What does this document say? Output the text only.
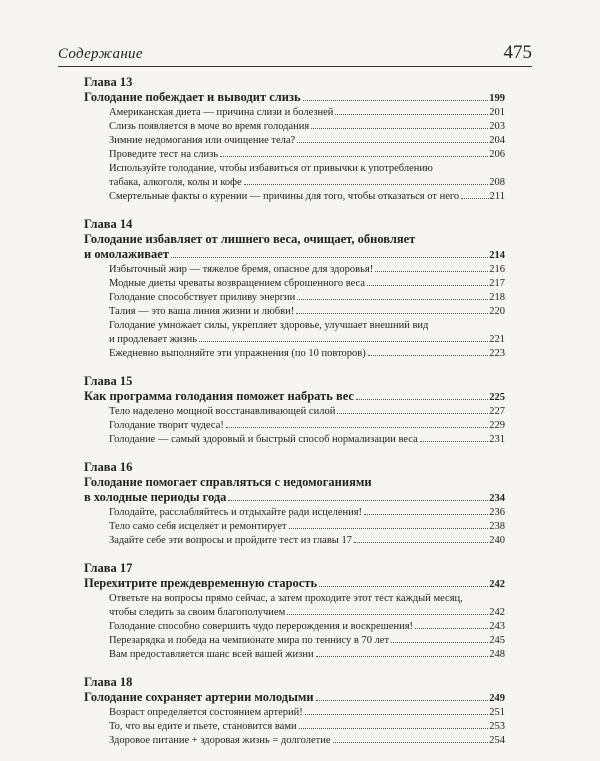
Содержание	475
Глава 13
Голодание побеждает и выводит слизь	199
Американская диета — причина слизи и болезней	201
Слизь появляется в моче во время голодания	203
Зимние недомогания или очищение тела?	204
Проведите тест на слизь	206
Используйте голодание, чтобы избавиться от привычки к употреблению
табака, алкоголя, колы и кофе	208
Смертельные факты о курении — причины для того, чтобы отказаться от него	211
Глава 14
Голодание избавляет от лишнего веса, очищает, обновляет
и омолаживает	214
Избыточный жир — тяжелое бремя, опасное для здоровья!	216
Модные диеты чреваты возвращением сброшенного веса	217
Голодание способствует приливу энергии	218
Талия — это ваша линия жизни и любви!	220
Голодание умножает силы, укрепляет здоровье, улучшает внешний вид
и продлевает жизнь	221
Ежедневно выполняйте эти упражнения (по 10 повторов)	223
Глава 15
Как программа голодания поможет набрать вес	225
Тело наделено мощной восстанавливающей силой	227
Голодание творит чудеса!	229
Голодание — самый здоровый и быстрый способ нормализации веса	231
Глава 16
Голодание помогает справляться с недомоганиями
в холодные периоды года	234
Голодайте, расслабляйтесь и отдыхайте ради исцеления!	236
Тело само себя исцеляет и ремонтирует	238
Задайте себе эти вопросы и пройдите тест из главы 17	240
Глава 17
Перехитрите преждевременную старость	242
Ответьте на вопросы прямо сейчас, а затем проходите этот тест каждый месяц,
чтобы следить за своим благополучием	242
Голодание способно совершить чудо перерождения и воскрешения!	243
Перезарядка и победа на чемпионате мира по теннису в 70 лет	245
Вам предоставляется шанс всей вашей жизни	248
Глава 18
Голодание сохраняет артерии молодыми	249
Возраст определяется состоянием артерий!	251
То, что вы едите и пьете, становится вами	253
Здоровое питание + здоровая жизнь = долголетие	254
